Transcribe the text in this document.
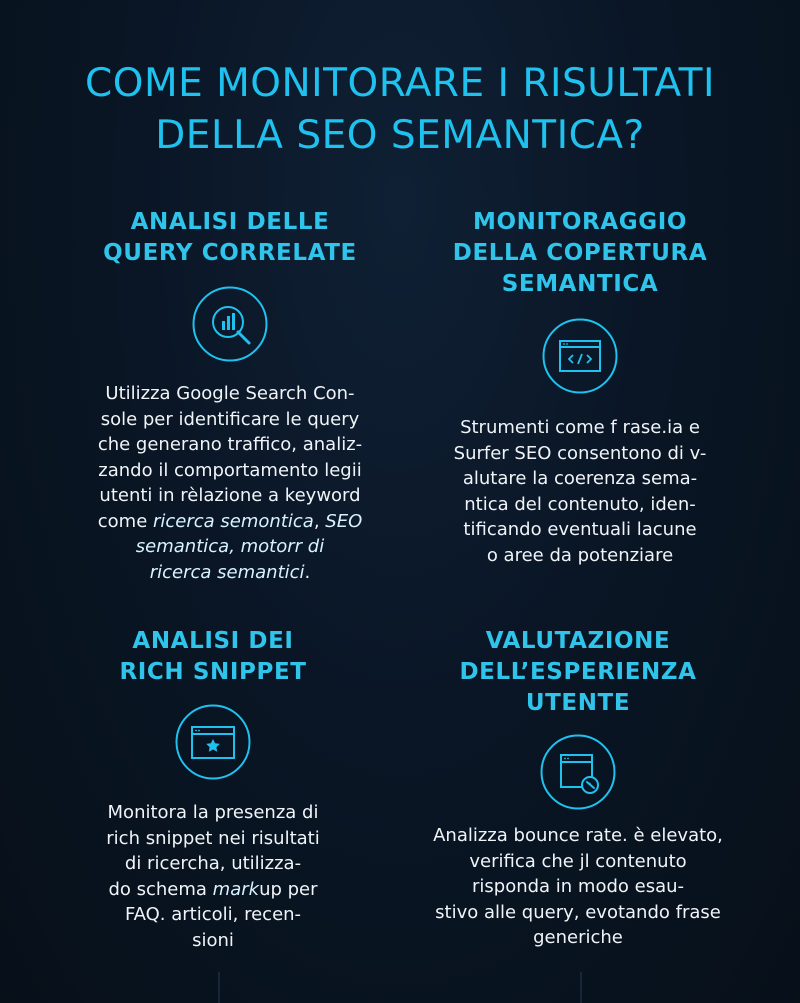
COME MONITORARE I RISULTATI
DELLA SEO SEMANTICA?
ANALISI DELLE
QUERY CORRELATE
Utilizza Google Search Con-
sole per identificare le query
che generano traffico, analiz-
zando il comportamento legii
utenti in rèlazione a keyword
come ricerca semontica, SEO
semantica, motorr di
ricerca semantici.
MONITORAGGIO
DELLA COPERTURA
SEMANTICA
Strumenti come f rase.ia e
Surfer SEO consentono di v-
alutare la coerenza sema-
ntica del contenuto, iden-
tificando eventuali lacune
o aree da potenziare
ANALISI DEI
RICH SNIPPET
Monitora la presenza di
rich snippet nei risultati
di ricercha, utilizza-
do schema markup per
FAQ. articoli, recen-
sioni
VALUTAZIONE
DELL’ESPERIENZA
UTENTE
Analizza bounce rate. è elevato,
verifica che jl contenuto
risponda in modo esau-
stivo alle query, evotando frase
generiche
